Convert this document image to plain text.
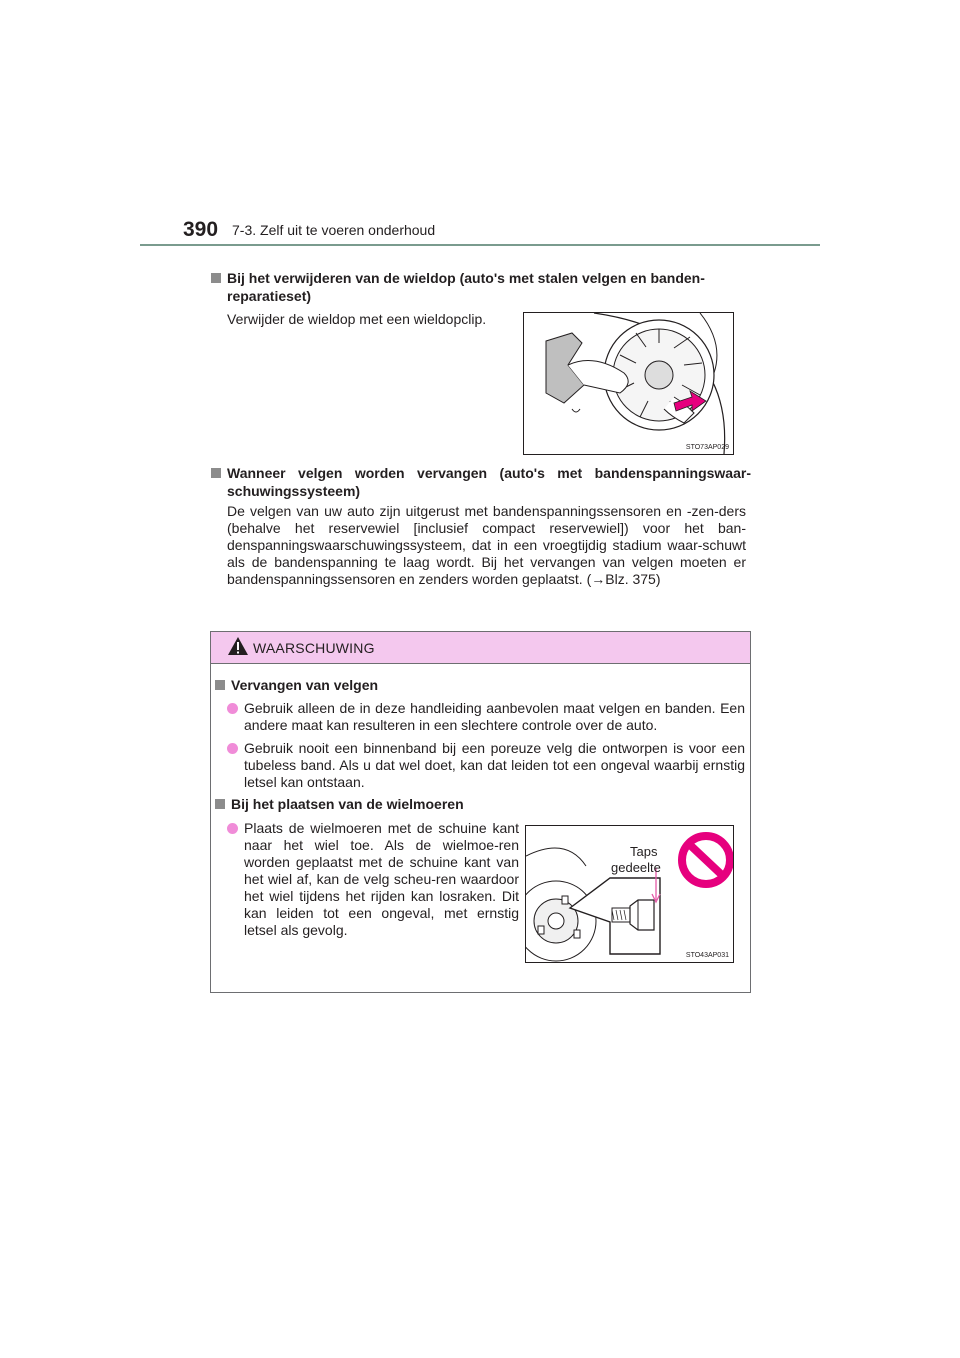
390 7-3. Zelf uit te voeren onderhoud
Bij het verwijderen van de wieldop (auto's met stalen velgen en banden-reparatieset)
Verwijder de wieldop met een wieldopclip.
STO73AP029
Wanneer velgen worden vervangen (auto's met bandenspanningswaar-schuwingssysteem)
De velgen van uw auto zijn uitgerust met bandenspanningssensoren en -zen-ders (behalve het reservewiel [inclusief compact reservewiel]) voor het ban-denspanningswaarschuwingssysteem, dat in een vroegtijdig stadium waar-schuwt als de bandenspanning te laag wordt. Bij het vervangen van velgen moeten er bandenspanningssensoren en zenders worden geplaatst. (→Blz. 375)
WAARSCHUWING
Vervangen van velgen
Gebruik alleen de in deze handleiding aanbevolen maat velgen en banden. Een andere maat kan resulteren in een slechtere controle over de auto.
Gebruik nooit een binnenband bij een poreuze velg die ontworpen is voor een tubeless band. Als u dat wel doet, kan dat leiden tot een ongeval waarbij ernstig letsel kan ontstaan.
Bij het plaatsen van de wielmoeren
Plaats de wielmoeren met de schuine kant naar het wiel toe. Als de wielmoe-ren worden geplaatst met de schuine kant van het wiel af, kan de velg scheu-ren waardoor het wiel tijdens het rijden kan losraken. Dit kan leiden tot een ongeval, met ernstig letsel als gevolg.
Taps
gedeelte
STO43AP031
